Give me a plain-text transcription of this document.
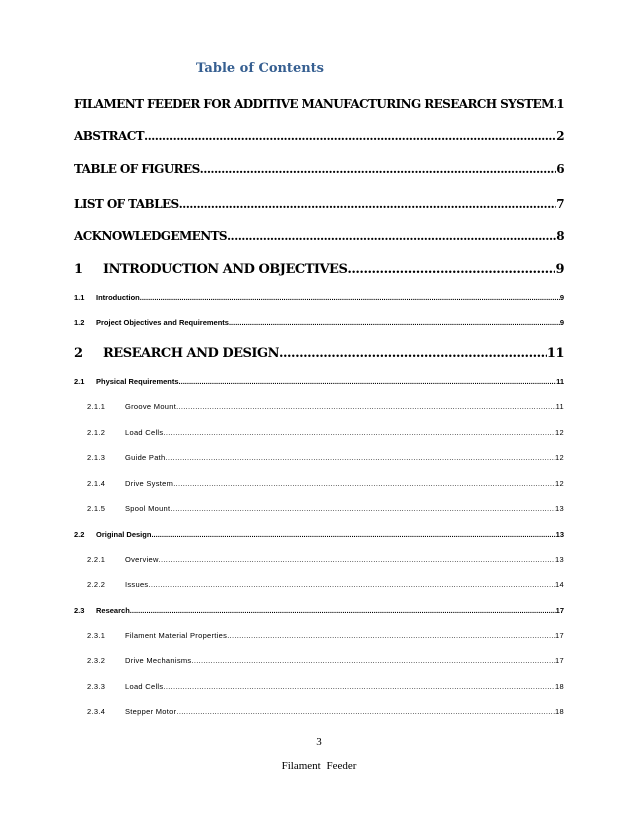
Table of Contents
FILAMENT FEEDER FOR ADDITIVE MANUFACTURING RESEARCH SYSTEM ..... 1
ABSTRACT .....	2
TABLE OF FIGURES .....	6
LIST OF TABLES .....	7
ACKNOWLEDGEMENTS .....	8
1	INTRODUCTION AND OBJECTIVES .....	9
1.1	Introduction .....	9
1.2	Project Objectives and Requirements .....	9
2	RESEARCH AND DESIGN .....	11
2.1	Physical Requirements .....	11
2.1.1	Groove Mount .....	11
2.1.2	Load Cells .....	12
2.1.3	Guide Path .....	12
2.1.4	Drive System .....	12
2.1.5	Spool Mount .....	13
2.2	Original Design .....	13
2.2.1	Overview .....	13
2.2.2	Issues .....	14
2.3	Research .....	17
2.3.1	Filament Material Properties .....	17
2.3.2	Drive Mechanisms .....	17
2.3.3	Load Cells .....	18
2.3.4	Stepper Motor .....	18
3
Filament Feeder
